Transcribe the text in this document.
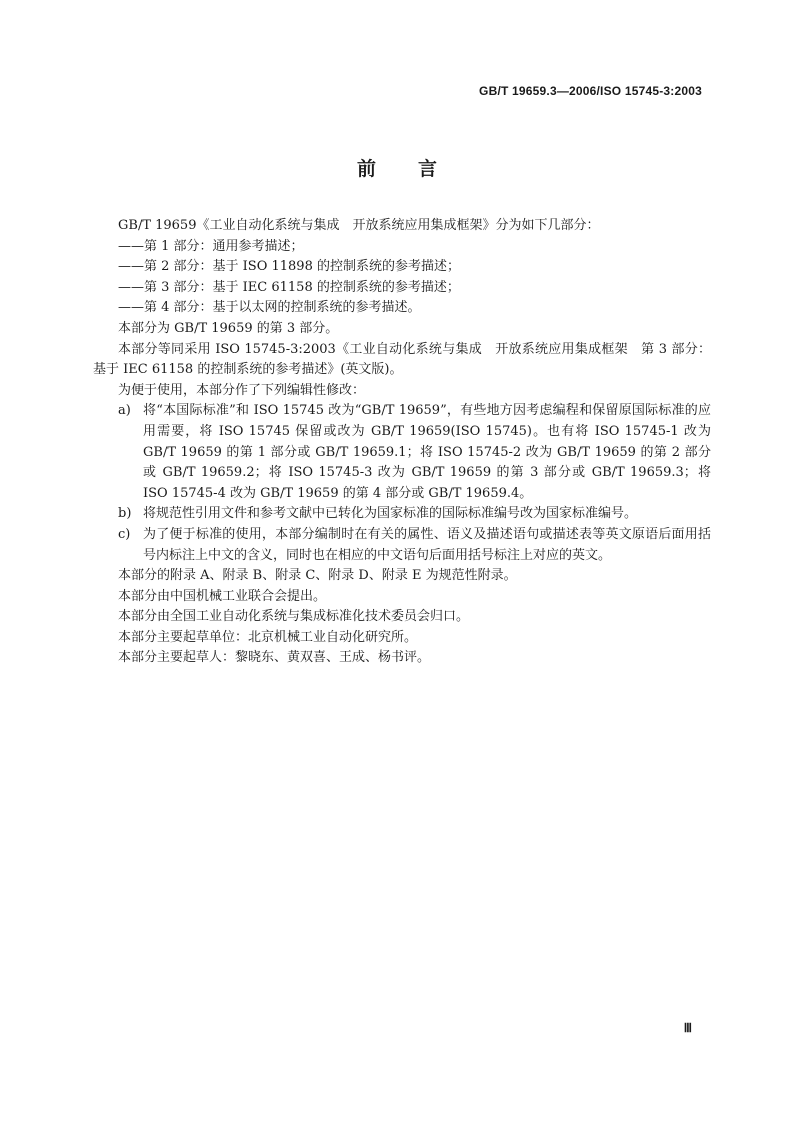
GB/T 19659.3—2006/ISO 15745-3:2003
前言

GB/T 19659《工业自动化系统与集成　开放系统应用集成框架》分为如下几部分：

——第 1 部分：通用参考描述；

——第 2 部分：基于 ISO 11898 的控制系统的参考描述；

——第 3 部分：基于 IEC 61158 的控制系统的参考描述；

——第 4 部分：基于以太网的控制系统的参考描述。

本部分为 GB/T 19659 的第 3 部分。

本部分等同采用 ISO 15745-3:2003《工业自动化系统与集成　开放系统应用集成框架　第 3 部分：基于 IEC 61158 的控制系统的参考描述》(英文版)。

为便于使用，本部分作了下列编辑性修改：

a) 将“本国际标准”和 ISO 15745 改为“GB/T 19659”，有些地方因考虑编程和保留原国际标准的应用需要，将 ISO 15745 保留或改为 GB/T 19659(ISO 15745)。也有将 ISO 15745-1 改为 GB/T 19659 的第 1 部分或 GB/T 19659.1；将 ISO 15745-2 改为 GB/T 19659 的第 2 部分或 GB/T 19659.2；将 ISO 15745-3 改为 GB/T 19659 的第 3 部分或 GB/T 19659.3；将 ISO 15745-4 改为 GB/T 19659 的第 4 部分或 GB/T 19659.4。
b) 将规范性引用文件和参考文献中已转化为国家标准的国际标准编号改为国家标准编号。
c) 为了便于标准的使用，本部分编制时在有关的属性、语义及描述语句或描述表等英文原语后面用括号内标注上中文的含义，同时也在相应的中文语句后面用括号标注上对应的英文。

本部分的附录 A、附录 B、附录 C、附录 D、附录 E 为规范性附录。

本部分由中国机械工业联合会提出。

本部分由全国工业自动化系统与集成标准化技术委员会归口。

本部分主要起草单位：北京机械工业自动化研究所。

本部分主要起草人：黎晓东、黄双喜、王成、杨书评。

Ⅲ
